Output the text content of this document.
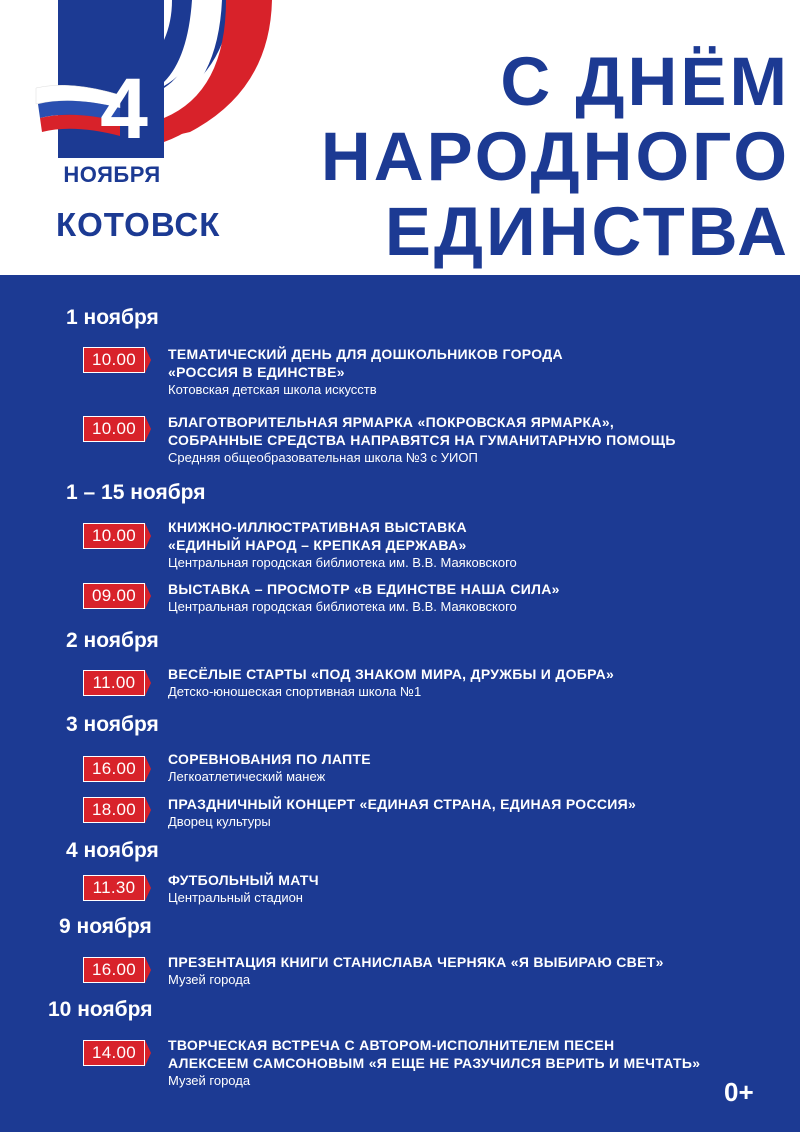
4
НОЯБРЯ
КОТОВСК
С ДНЁМ
НАРОДНОГО
ЕДИНСТВА
1 ноября
10.00	ТЕМАТИЧЕСКИЙ ДЕНЬ ДЛЯ ДОШКОЛЬНИКОВ ГОРОДА
«РОССИЯ В ЕДИНСТВЕ»
Котовская детская школа искусств
10.00	БЛАГОТВОРИТЕЛЬНАЯ ЯРМАРКА «ПОКРОВСКАЯ ЯРМАРКА»,
СОБРАННЫЕ СРЕДСТВА НАПРАВЯТСЯ НА ГУМАНИТАРНУЮ ПОМОЩЬ
Средняя общеобразовательная школа №3 с УИОП
1 – 15 ноября
10.00	КНИЖНО-ИЛЛЮСТРАТИВНАЯ ВЫСТАВКА
«ЕДИНЫЙ НАРОД – КРЕПКАЯ ДЕРЖАВА»
Центральная городская библиотека им. В.В. Маяковского
09.00	ВЫСТАВКА – ПРОСМОТР «В ЕДИНСТВЕ НАША СИЛА»
Центральная городская библиотека им. В.В. Маяковского
2 ноября
11.00	ВЕСЁЛЫЕ СТАРТЫ «ПОД ЗНАКОМ МИРА, ДРУЖБЫ И ДОБРА»
Детско-юношеская спортивная школа №1
3 ноября
16.00	СОРЕВНОВАНИЯ ПО ЛАПТЕ
Легкоатлетический манеж
18.00	ПРАЗДНИЧНЫЙ КОНЦЕРТ «ЕДИНАЯ СТРАНА, ЕДИНАЯ РОССИЯ»
Дворец культуры
4 ноября
11.30	ФУТБОЛЬНЫЙ МАТЧ
Центральный стадион
9 ноября
16.00	ПРЕЗЕНТАЦИЯ КНИГИ СТАНИСЛАВА ЧЕРНЯКА «Я ВЫБИРАЮ СВЕТ»
Музей города
10 ноября
14.00	ТВОРЧЕСКАЯ ВСТРЕЧА С АВТОРОМ-ИСПОЛНИТЕЛЕМ ПЕСЕН
АЛЕКСЕЕМ САМСОНОВЫМ «Я ЕЩЕ НЕ РАЗУЧИЛСЯ ВЕРИТЬ И МЕЧТАТЬ»
Музей города	0+
